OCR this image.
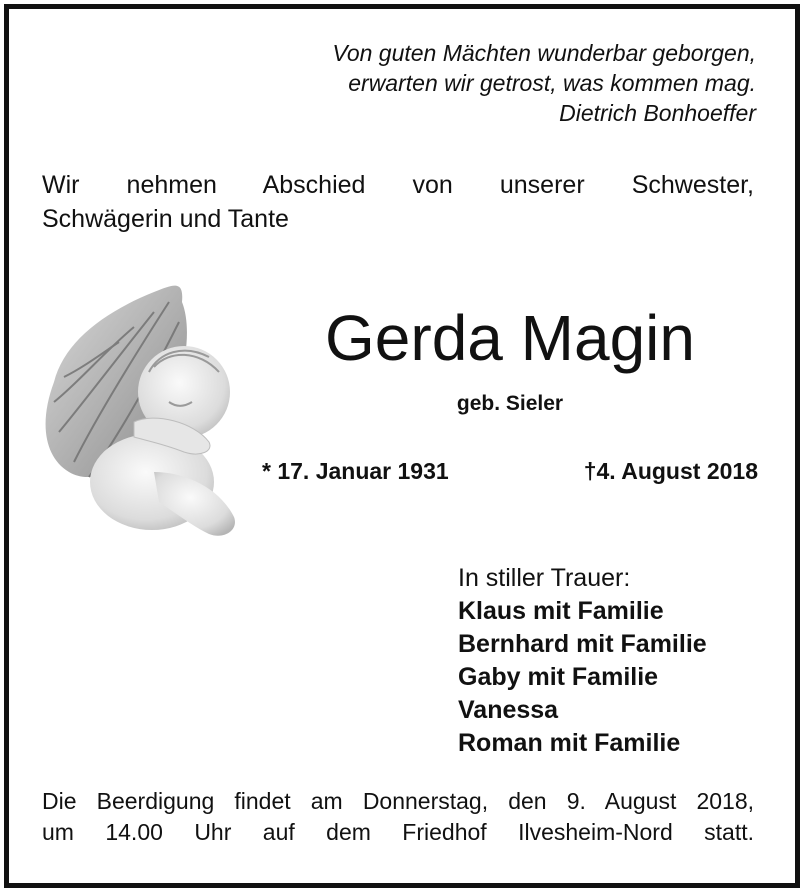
Von guten Mächten wunderbar geborgen,
erwarten wir getrost, was kommen mag.
Dietrich Bonhoeffer
Wir nehmen Abschied von unserer Schwester,
Schwägerin und Tante
Gerda Magin
geb. Sieler
* 17. Januar 1931	†4. August 2018
In stiller Trauer:
Klaus mit Familie
Bernhard mit Familie
Gaby mit Familie
Vanessa
Roman mit Familie
Die Beerdigung findet am Donnerstag, den 9. August 2018,
um 14.00 Uhr auf dem Friedhof Ilvesheim-Nord statt.
